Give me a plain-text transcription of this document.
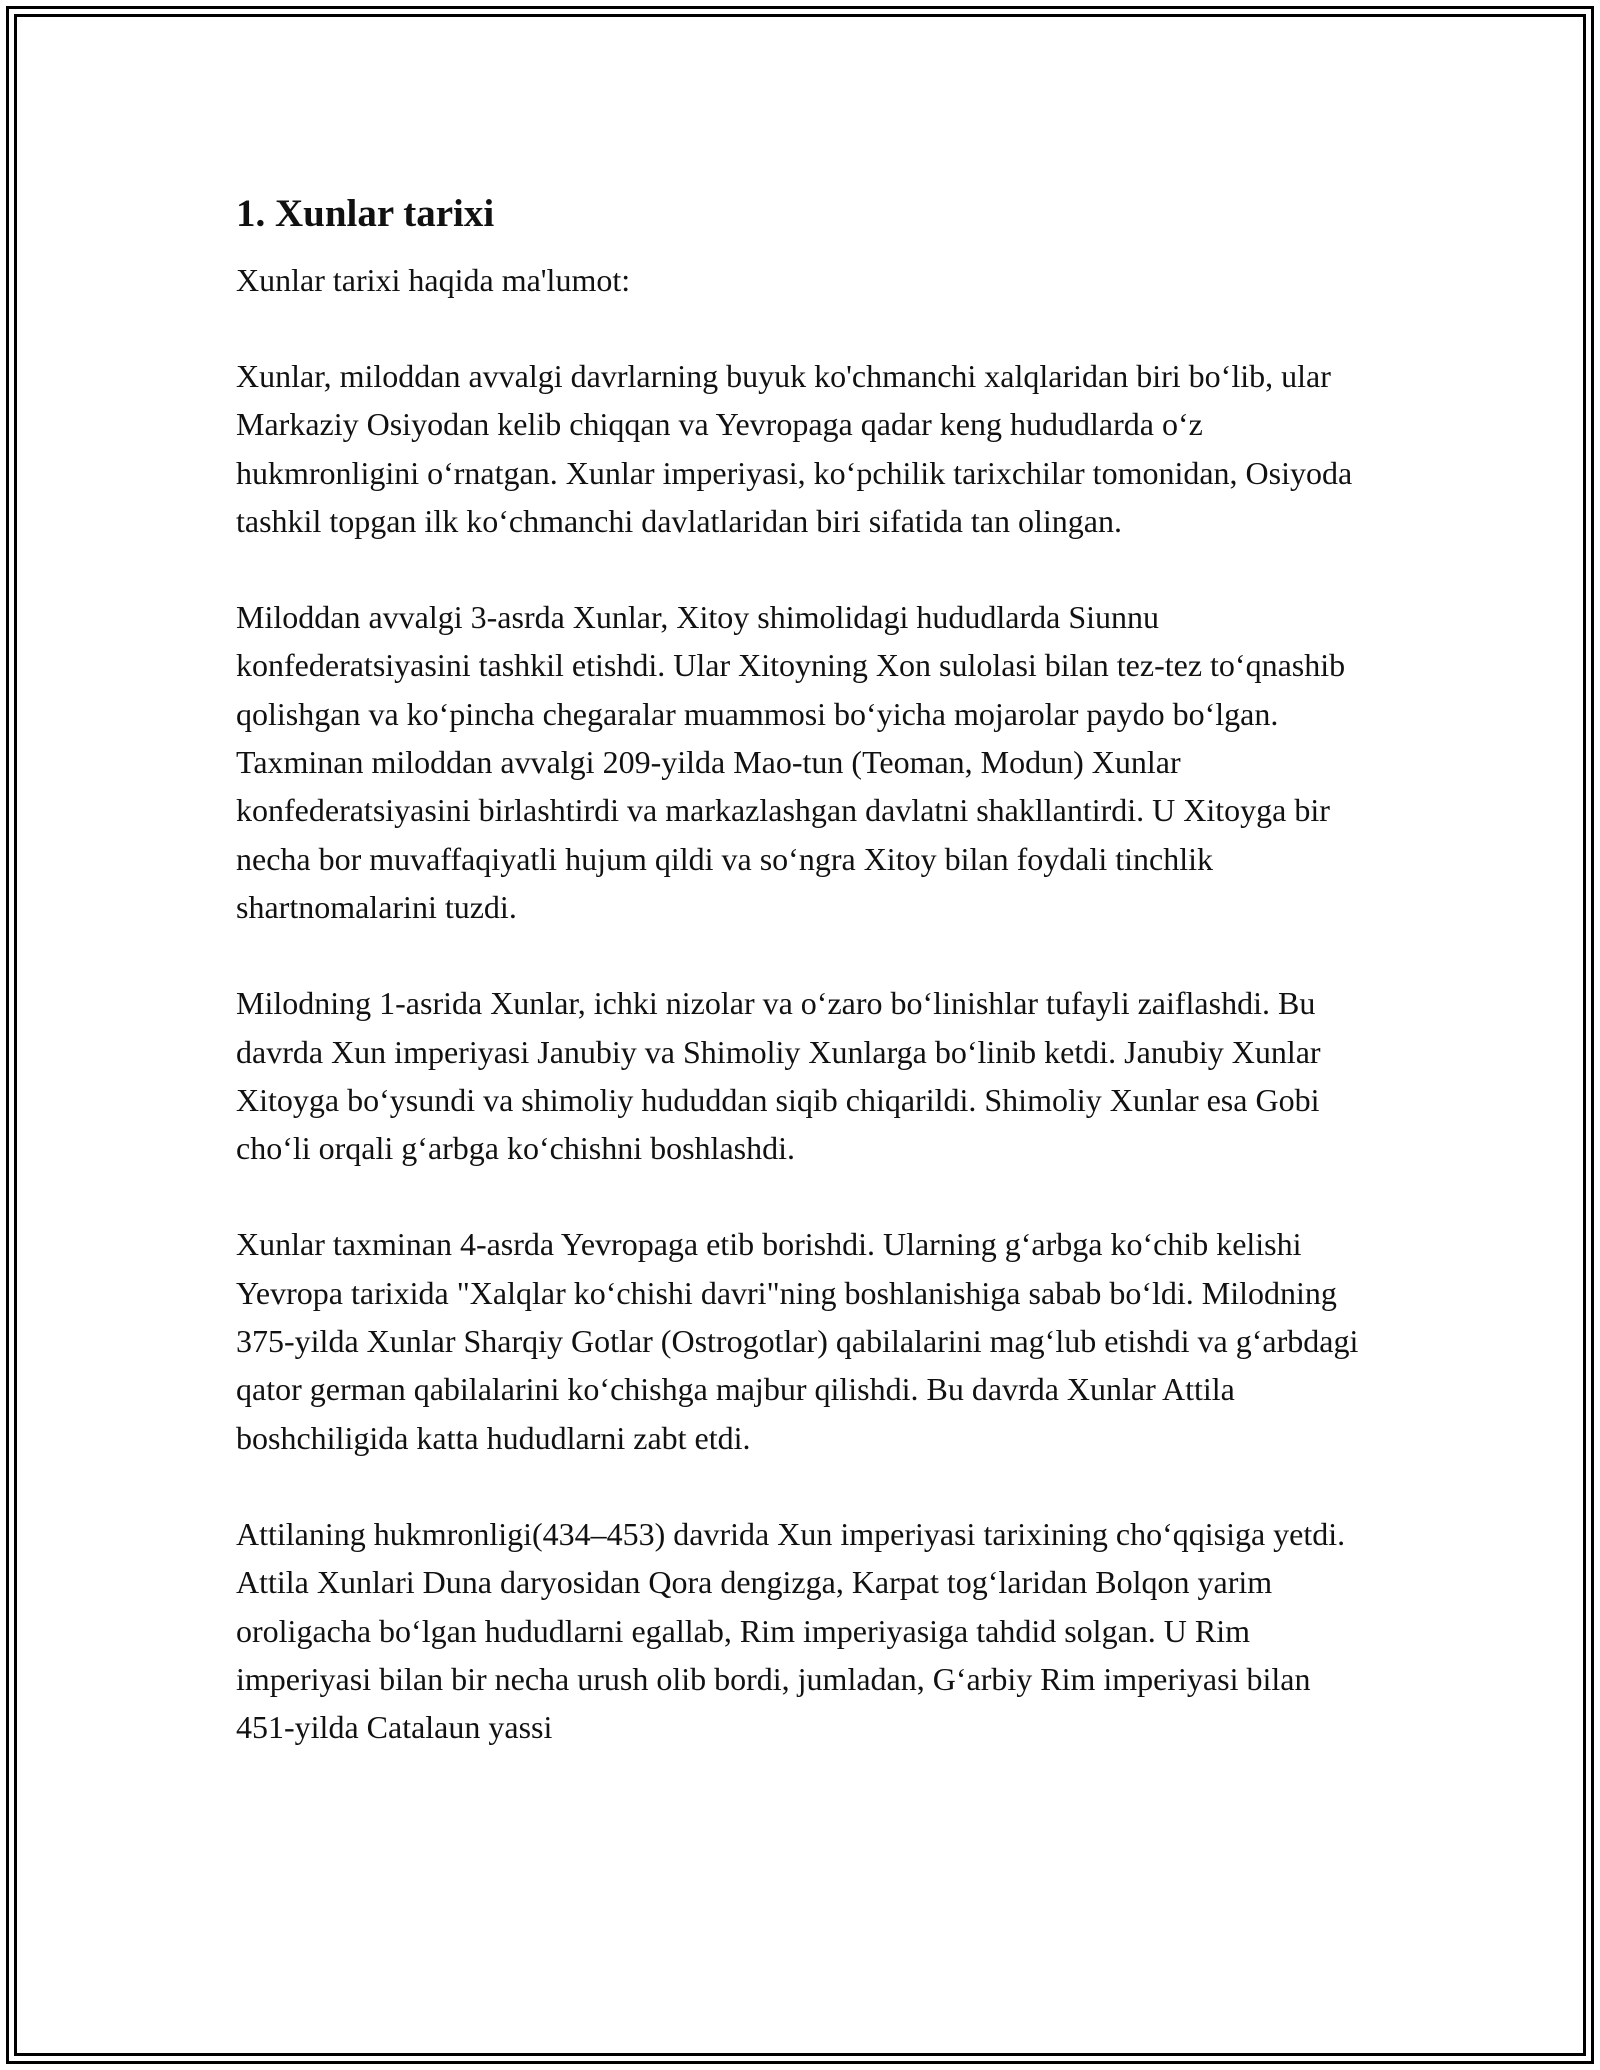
1. Xunlar tarixi

Xunlar tarixi haqida ma'lumot:

Xunlar, miloddan avvalgi davrlarning buyuk ko'chmanchi xalqlaridan biri bo‘lib, ular Markaziy Osiyodan kelib chiqqan va Yevropaga qadar keng hududlarda o‘z hukmronligini o‘rnatgan. Xunlar imperiyasi, ko‘pchilik tarixchilar tomonidan, Osiyoda tashkil topgan ilk ko‘chmanchi davlatlaridan biri sifatida tan olingan.

Miloddan avvalgi 3-asrda Xunlar, Xitoy shimolidagi hududlarda Siunnu konfederatsiyasini tashkil etishdi. Ular Xitoyning Xon sulolasi bilan tez-tez to‘qnashib qolishgan va ko‘pincha chegaralar muammosi bo‘yicha mojarolar paydo bo‘lgan. Taxminan miloddan avvalgi 209-yilda Mao-tun (Teoman, Modun) Xunlar konfederatsiyasini birlashtirdi va markazlashgan davlatni shakllantirdi. U Xitoyga bir necha bor muvaffaqiyatli hujum qildi va so‘ngra Xitoy bilan foydali tinchlik shartnomalarini tuzdi.

Milodning 1-asrida Xunlar, ichki nizolar va o‘zaro bo‘linishlar tufayli zaiflashdi. Bu davrda Xun imperiyasi Janubiy va Shimoliy Xunlarga bo‘linib ketdi. Janubiy Xunlar Xitoyga bo‘ysundi va shimoliy hududdan siqib chiqarildi. Shimoliy Xunlar esa Gobi cho‘li orqali g‘arbga ko‘chishni boshlashdi.

Xunlar taxminan 4-asrda Yevropaga etib borishdi. Ularning g‘arbga ko‘chib kelishi Yevropa tarixida "Xalqlar ko‘chishi davri"ning boshlanishiga sabab bo‘ldi. Milodning 375-yilda Xunlar Sharqiy Gotlar (Ostrogotlar) qabilalarini mag‘lub etishdi va g‘arbdagi qator german qabilalarini ko‘chishga majbur qilishdi. Bu davrda Xunlar Attila boshchiligida katta hududlarni zabt etdi.

Attilaning hukmronligi(434–453) davrida Xun imperiyasi tarixining cho‘qqisiga yetdi. Attila Xunlari Duna daryosidan Qora dengizga, Karpat tog‘laridan Bolqon yarim oroligacha bo‘lgan hududlarni egallab, Rim imperiyasiga tahdid solgan. U Rim imperiyasi bilan bir necha urush olib bordi, jumladan, G‘arbiy Rim imperiyasi bilan 451-yilda Catalaun yassi
